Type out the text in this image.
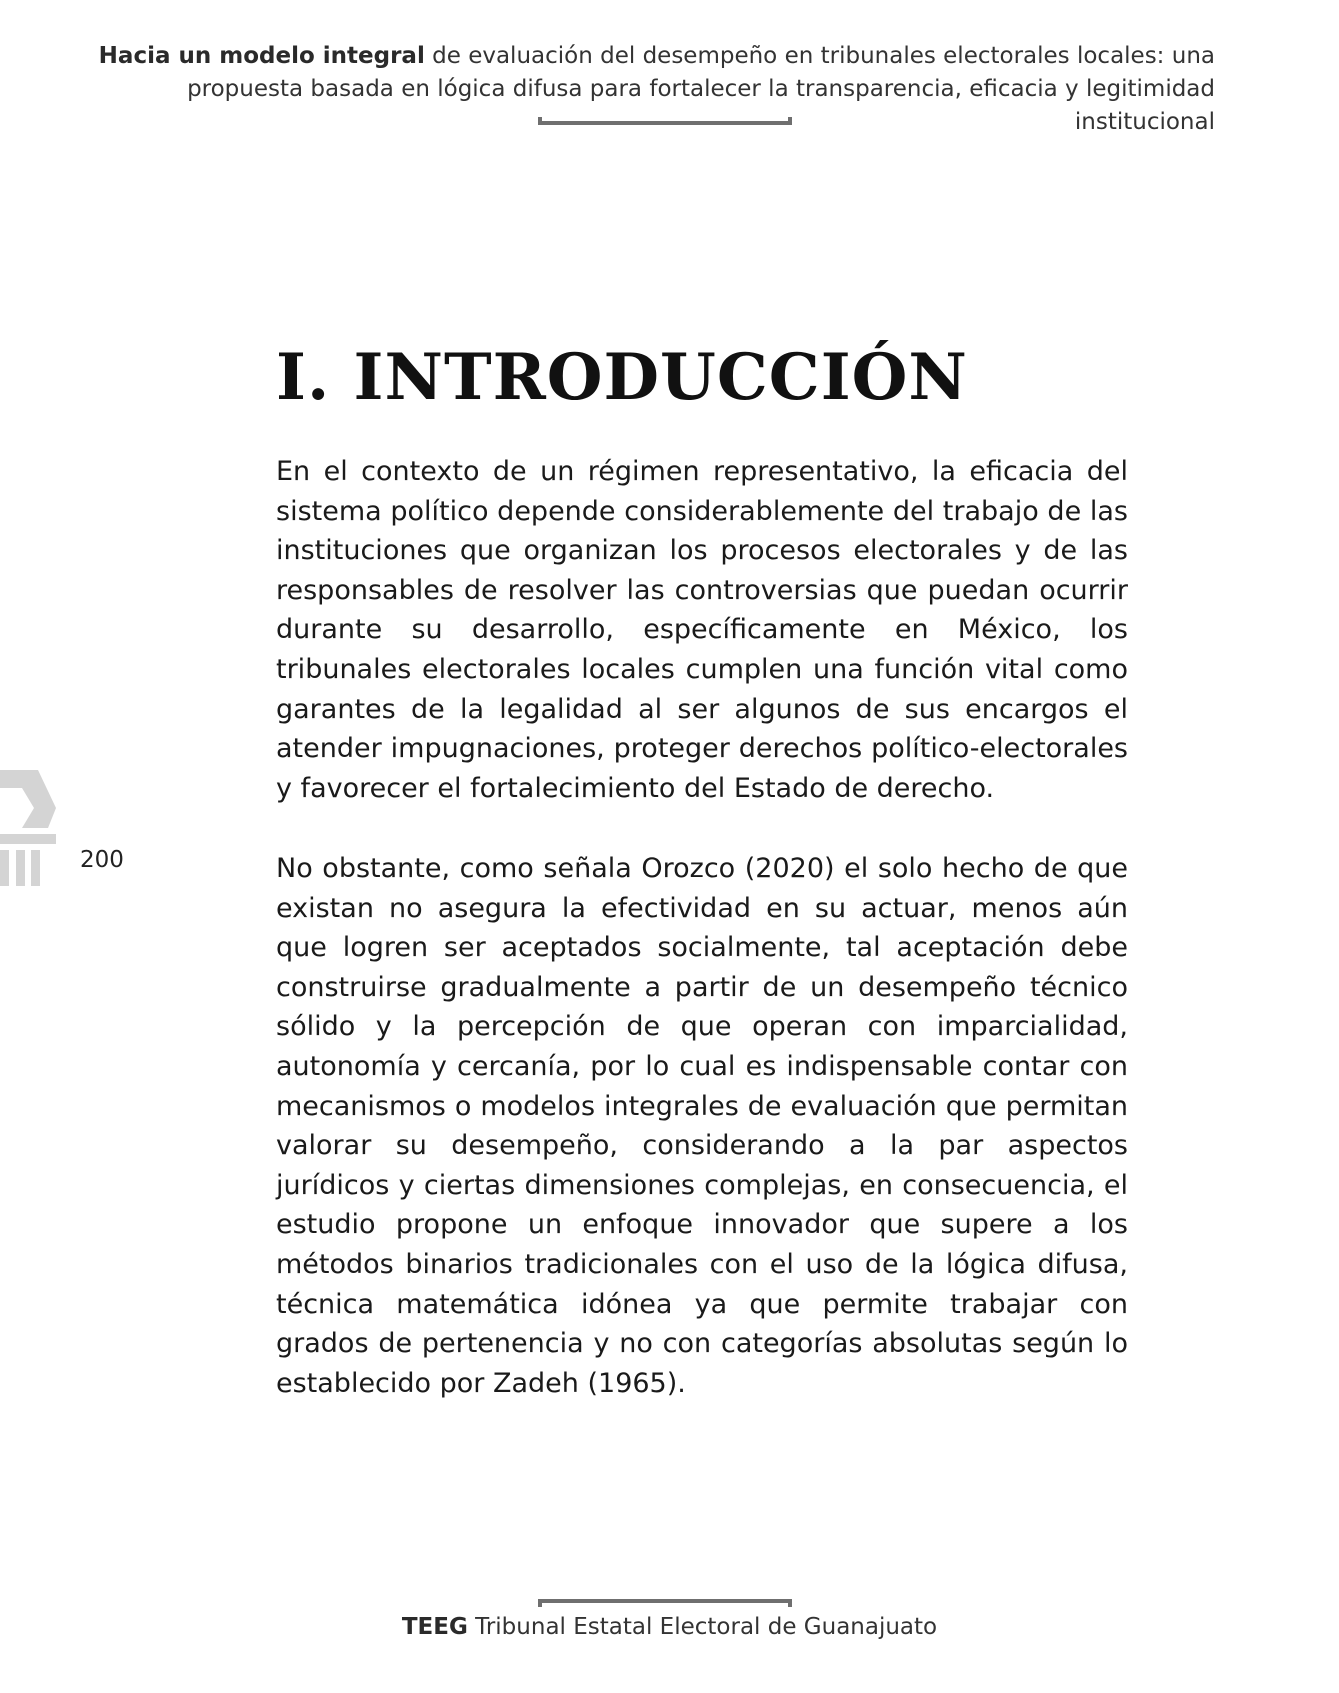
Hacia un modelo integral de evaluación del desempeño en tribunales electorales locales: una propuesta basada en lógica difusa para fortalecer la transparencia, eficacia y legitimidad institucional
200
I. INTRODUCCIÓN

En el contexto de un régimen representativo, la eficacia del sistema político depende considerablemente del trabajo de las instituciones que organizan los procesos electorales y de las responsables de resolver las controversias que puedan ocurrir durante su desarrollo, específicamente en México, los tribunales electorales locales cumplen una función vital como garantes de la legalidad al ser algunos de sus encargos el atender impugnaciones, proteger derechos político-electorales y favorecer el fortalecimiento del Estado de derecho.

No obstante, como señala Orozco (2020) el solo hecho de que existan no asegura la efectividad en su actuar, menos aún que logren ser aceptados socialmente, tal aceptación debe construirse gradualmente a partir de un desempeño técnico sólido y la percepción de que operan con imparcialidad, autonomía y cercanía, por lo cual es indispensable contar con mecanismos o modelos integrales de evaluación que permitan valorar su desempeño, considerando a la par aspectos jurídicos y ciertas dimensiones complejas, en consecuencia, el estudio propone un enfoque innovador que supere a los métodos binarios tradicionales con el uso de la lógica difusa, técnica matemática idónea ya que permite trabajar con grados de pertenencia y no con categorías absolutas según lo establecido por Zadeh (1965).

TEEG Tribunal Estatal Electoral de Guanajuato
